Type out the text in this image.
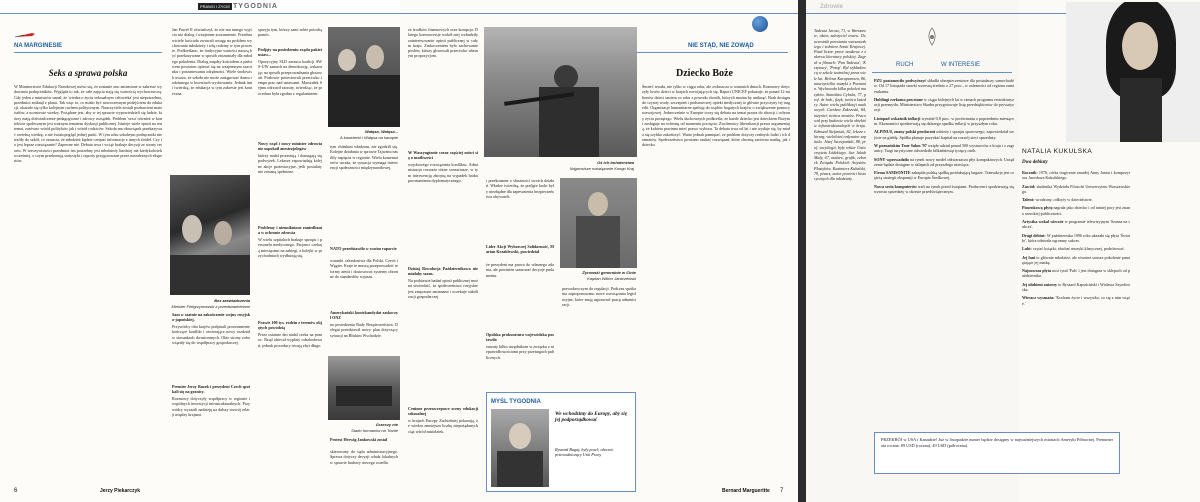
PRAWO I ŻYCIE TYGODNIA
NA MARGINESIE
Seks a sprawa polska
W Ministerstwie Edukacji Narodowej mówi się, że zostanie ono zmienione w zakresie wydawania podręczników. Wygląda to tak, że całe zajęcia stają się wartością wychowawczą. Gdy jeden z ministrów uznał, że 'wiedza o życiu seksualnym człowieka' jest niepotrzebna, przedmiot zniknął z planu. Tak więc to, co miało być nowoczesnym podejściem do edukacji, okazało się tylko kolejnym ruchem politycznym. Nauczyciele zostali pozbawieni materiałów, a uczniowie wiedzy. Pożądane jest, aby w tej sprawie wypowiedzieli się ludzie, którzy mają doświadczenie pedagogiczne i zdrowy rozsądek. Problem 'sexu' również w kontekście społecznym jest ważnym tematem dyskusji publicznej. Istnieje wiele opinii na ten temat, zarówno wśród polityków jak i wśród rodziców. Szkoła ma obowiązek przekazywać rzetelną wiedzę, a nie światopogląd jednej partii. W tym roku szkolnym podręczniki nie trafiły do szkół, co oznacza, że młodzież będzie czerpać informacje z innych źródeł. Czy to jest lepsze rozwiązanie? Zapewne nie. Debata trwa i wciąż brakuje decyzji ze strony resortu. W rzeczywistości przedmiot ten potrzebny jest młodzieży bardziej niż kiedykolwiek wcześniej, o czym przekonują statystyki i raporty przygotowane przez niezależnych ekspertów.
Jerzy Piekarczyk
6
Jan Paweł II oświadczył, że nie ma innego wyjścia niż dialog i wzajemne zrozumienie. Przedstawiciele kościoła zwracali uwagę na problem wychowania młodzieży i rolę rodziny w tym procesie. Podkreślano, że tradycyjne wartości muszą być przekazywane w sposób zrozumiały dla młodego pokolenia. Dialog między kościołem a państwem powinien opierać się na wzajemnym szacunku i poszanowaniu odrębności. Wiele środowisk uważa, że szkoła nie może zastępować domu rodzinnego w kwestiach wychowania. Jednak inni twierdzą, że edukacja w tym zakresie jest konieczna.
Bez zaświadczenia
Minister Pielgrzymowski z przedstawicielami
Sam w szatnie na zakończenie wojny rosyjsko-japońskiej.
Przywódcy obu krajów podpisali porozumienie kończące konflikt i otwierające nowy rozdział w stosunkach dwustronnych. Obie strony zobowiązały się do współpracy gospodarczej.
Premier Jerzy Buzek i prezydent Czech spotkali się na granicy.
Rozmowy dotyczyły współpracy w regionie i wspólnych inwestycji infrastrukturalnych. Przywódcy wyrazili nadzieję na dalszy rozwój relacji między krajami.
sprzyja tym, którzy sami sobie potrafią pomóc.
Podjęty na posiedzeniu rządu pakiet ustaw...
Opozycyjny SLD zarzuca koalicji AWS-UW zamach na demokrację, wskazując na sposób przeprowadzania głosowań. Posłowie protestowali przeciwko tempu prac nad ustawami. Marszałek Sejmu odrzucił zarzuty, twierdząc, że procedura była zgodna z regulaminem.
Nowy rząd i nowy minister zdrowia nie uspokoił anestezjologów
którzy nadal protestują i domagają się podwyżek. Lekarze zapowiadają kolejne akcje protestacyjne, jeśli postulaty nie zostaną spełnione.
Problemy i nieuniknione zaniedbania w ochronie zdrowia
W wielu szpitalach brakuje sprzętu i personelu medycznego. Pacjenci czekają miesiącami na zabiegi, a kolejki w przychodniach wydłużają się.
Prawie 100 tys. rodzin z terenów objętych powodzią
Przez ostatnie dni nadal czeka na pomoc. Rząd obiecał wypłaty odszkodowań, jednak procedury trwają zbyt długo.
Wałęsa, Wałęsa...
A kaowiecki i Wałęsa na kanapie
tym chińskim władzom, nie zgodzili się. Kolejne działania w sprawie Tajwanu nasiliły napięcia w regionie. Wielu komentatorów uważa, że sytuacja wymaga interwencji społeczności międzynarodowej.
NATO przedstawiło w swoim raporcie
warunki członkostwa dla Polski, Czech i Węgier. Kraje te muszą przeprowadzić reformy armii i dostosować systemy obronne do standardów sojuszu.
Amerykański kontrkandydat zaskoczył ONZ
na posiedzeniu Rady Bezpieczeństwa. Delegat przedstawił nowy plan dotyczący sytuacji na Bliskim Wschodzie.
Grzeczy nie
Stado furmanów na Tranie
Protest Herwig Jankowski został
skierowany do sądu administracyjnego. Sprawa dotyczy decyzji władz lokalnych w sprawie budowy nowego osiedla.
NIE STĄD, NIE ZOWĄD
ze środków finansowych oraz korupcja. Dlatego kontrowersje wokół niej wzbudziły zainteresowanie opinii publicznej w całym kraju. Zaskoczeniem było zachowanie posłów, którzy głosowali przeciwko własnym propozycjom.
W Waszyngtonie coraz częściej mówi się o możliwości
wojskowego rozwiązania konfliktu. Administracja rozważa różne scenariusze, w tym interwencję zbrojną na wypadek braku porozumienia dyplomatycznego.
Dzisiaj Rewolucja Październikowa nie miałaby szans.
Na podstawie badań opinii publicznej można stwierdzić, że społeczeństwo rosyjskie jest zmęczone zmianami i oczekuje stabilizacji gospodarczej.
Cenione przeszczepowe oceny edukacji seksualnej
w krajach Europy Zachodniej pokazują, że wiedza zmniejsza liczbę niepożądanych ciąż wśród nastolatek.
Oś ich bohaterstwa
Najprostsze rozwiązanie Kongo Kraj
i przekonanie o słuszności swoich działań. Władze twierdzą, że podjęte kroki były niezbędne dla zapewnienia bezpieczeństwa obywateli.
Lider Akcji Wyborczej Solidarność, Marian Krzaklewski, powiedział
że prezydent ma prawo do własnego zdania, ale powinien szanować decyzje parlamentu.
Opolska prokuratura wojewódzka postawiła
zarzuty kilku urzędnikom w związku z nieprawidłowościami przy przetargach publicznych.
Żyrowski generalnie w Cinie
Kapitan Wiktor Jaraczewski
prawodawczym do regulacji. Podczas spotkania zaproponowano nowe rozwiązania legislacyjne, które mają usprawnić pracę administracji.
MYŚL TYGODNIA
We wchodzimy do Europy, aby się jej podporządkować
Ryszard Bugaj, były poseł, obecnie przewodniczący Unii Pracy
Dziecko Boże
Śmierć trwała, nie tylko w ciągu roku, ale zwłaszcza w ostatnich dniach. Rozmowy dotyczyły losów dzieci w krajach rozwijających się. Raport UNICEF pokazuje, że ponad 12 milionów dzieci umiera co roku z powodu chorób, których można by uniknąć. Brak dostępu do czystej wody, szczepień i podstawowej opieki medycznej to główne przyczyny tej tragedii. Organizacje humanitarne apelują do rządów bogatych krajów o zwiększenie pomocy rozwojowej. Jednocześnie w Europie toczy się debata na temat prawa do aborcji i ochrony życia poczętego. Wielu duchownych podkreśla, że każde dziecko jest dzieckiem Bożym i zasługuje na ochronę od momentu poczęcia. Zwolennicy liberalizacji prawa argumentują, że kobieta powinna mieć prawo wyboru. Ta debata trwa od lat i nie wydaje się, by miała się szybko zakończyć. Warto jednak pamiętać, że problem dotyczy realnych ludzi i ich dramatów. Społeczeństwo powinno szukać rozwiązań, które chronią zarówno matkę, jak i dziecko.
Bernard Margueritte 7
Zdrowie
Tadeusz Jarosz, 71, w Warszawie, aktor, założyciel teatru. Dr, uczestnik powstania warszawskiego i żołnierz Armii Krajowej. Pisał liczne prace naukowe z zakresu literatury polskiej. Zagrał w filmach: 'Pan Tadeusz', 'Krzyżacy', 'Potop'. Był wykładowcą w szkole teatralnej przez wiele lat. Helena Karapanowa, 86, nauczycielka muzyki z Poznania. Wychowała kilka pokoleń muzyków. Stanisław Cybula, 77, prof. dr hab., fizyk, twórca katedry. Autor wielu publikacji naukowych. Czesław Zakrzeski, 84, inżynier, twórca mostów. Pracował przy budowie wielu obiektów infrastrukturalnych w kraju. Edmund Stefaniak, 82, lekarz chirurg, wieloletni ordynator szpitala. Józef Szczepański, 88, prof. socjologii, były rektor Uniwersytetu Łódzkiego. Jan Jakub Mały, 67, malarz, grafik, członek Związku Polskich Artystów Plastyków. Kazimierz Kubalski, 79, pisarz, autor powieści historycznych dla młodzieży.
RUCH	W INTERESIE
PZU postanowiło podwyższyć składki ubezpieczeniowe dla posiadaczy samochodów. Od 17 listopada stawki wzrosną średnio o 27 proc., w zależności od regionu zamieszkania.
Holdingi rzekomo powstane w ciągu kolejnych lat w ramach programu restrukturyzacji przemysłu. Ministerstwo Skarbu przygotowuje listę przedsiębiorstw do prywatyzacji.
Listopad wskaźnik inflacji wyniósł 0,8 proc. w porównaniu z poprzednim miesiącem. Ekonomiści spodziewają się dalszego spadku inflacji w przyszłym roku.
ALPINUS, znany polski producent odzieży i sprzętu sportowego, zapowiedział wejście na giełdę. Spółka planuje pozyskać kapitał na rozwój sieci sprzedaży.
W poznańskim Tour Salon '97 wzięło udział ponad 500 wystawców z kraju i z zagranicy. Targi turystyczne odwiedziło kilkadziesiąt tysięcy osób.
SONY wprowadziło na rynek nowy model odtwarzacza płyt kompaktowych. Urządzenie będzie dostępne w sklepach od przyszłego miesiąca.
Firma SAMSONITE zakupiła polską spółkę produkującą bagaże. Transakcja jest częścią strategii ekspansji w Europie Środkowej.
Nowa seria komputerów trafi na rynek przed świętami. Producenci spodziewają się wzrostu sprzedaży w okresie przedświątecznym.
NATALIA KUKULSKA
Dwa debiuty
Rocznik: 1976, córka tragicznie zmarłej Anny Jantar i kompozytora Jarosława Kukulskiego.
Zawód: studentka Wydziału Filozofii Uniwersytetu Warszawskiego.
Talent: wrodzony, odkryty w dzieciństwie.
Piosenkową płytę nagrała jako dziecko i od tamtej pory jest znana szerokiej publiczności.
Artystka wokal wieczór w programie telewizyjnym 'Szansa na sukces'.
Drugi debiut: W październiku 1996 roku ukazała się płyta 'Światło', która odniosła ogromny sukces.
Lubi: czytać książki, słuchać muzyki klasycznej, podróżować.
Jej fani to głównie młodzież, ale również starsze pokolenie pamiętające jej matkę.
Najnowsza płyta nosi tytuł 'Puls' i jest dostępna w sklepach od października.
Jej ulubieni autorzy to Ryszard Kapuściński i Wisława Szymborska.
Wieszcz wysmaża: 'Kocham życie i wszystko, co się z nim wiąże.'
PRZEKRÓJ w USA i Kanadzie! Już w listopadzie numer będzie dostępny w najważniejszych miastach Ameryki Północnej. Prenumerata roczna: 89 USD (roczna), 49 USD (półroczna).
